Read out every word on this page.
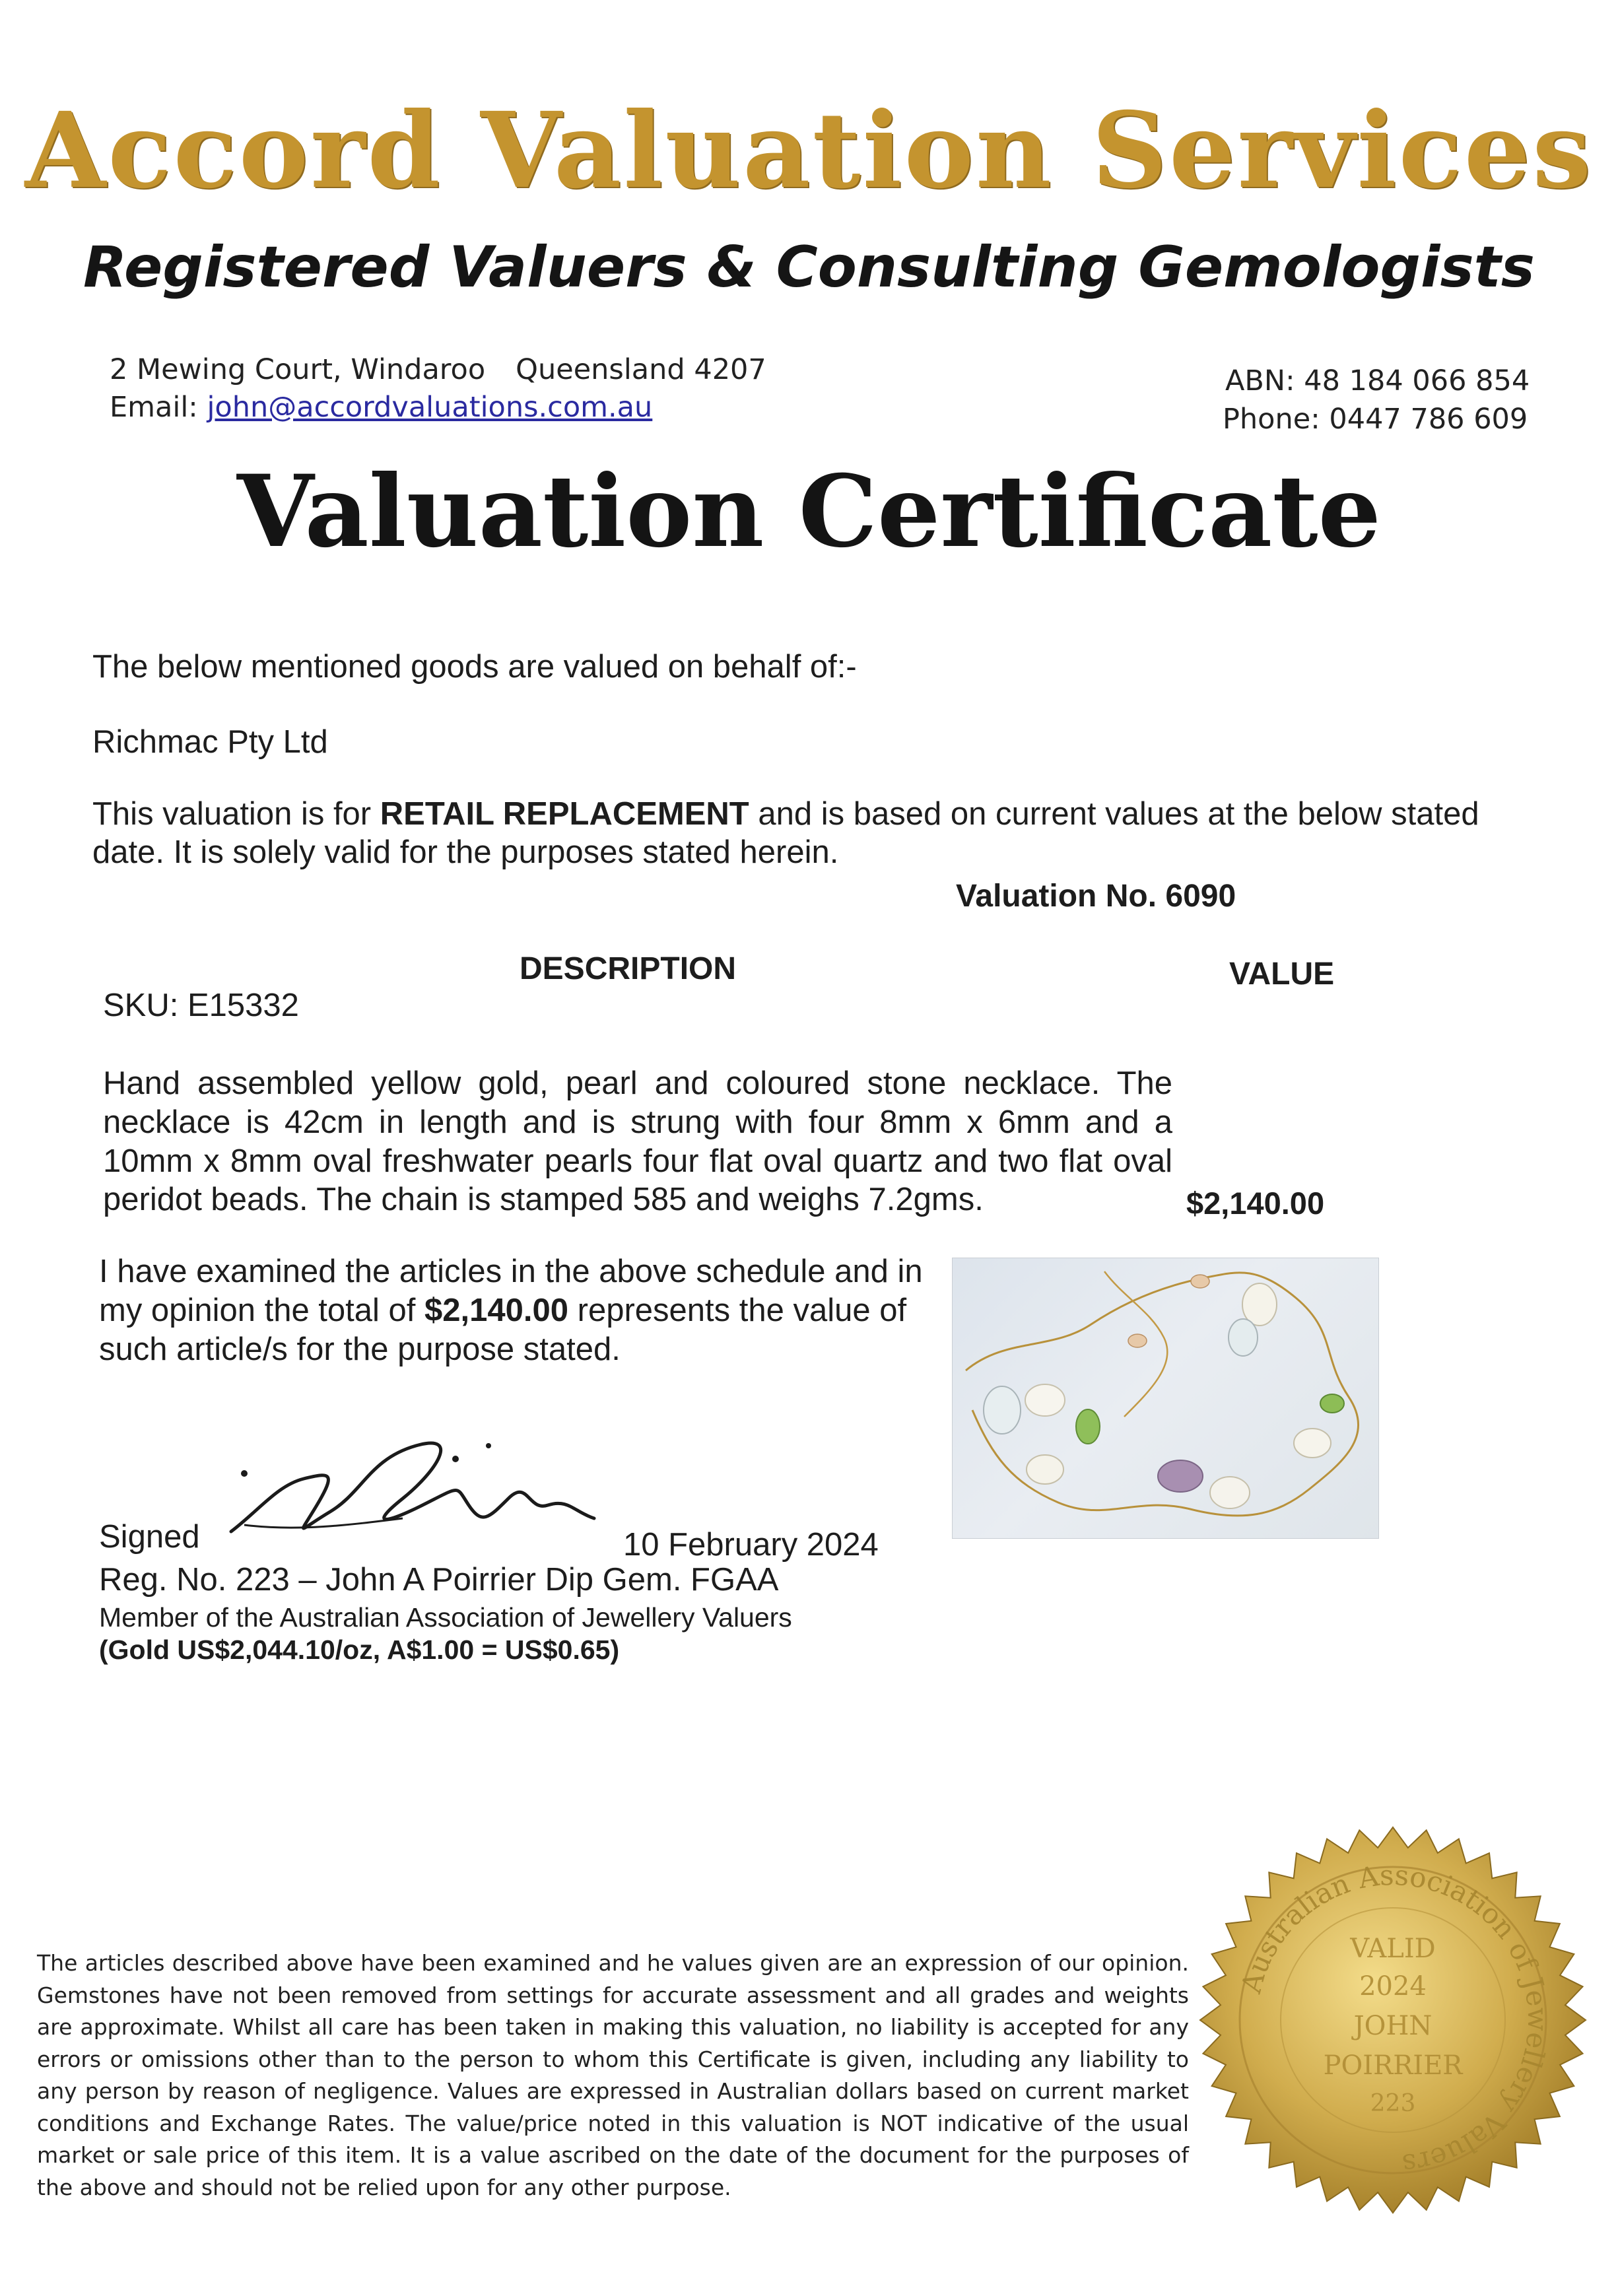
Accord Valuation Services
Registered Valuers & Consulting Gemologists
2 Mewing Court, Windaroo Queensland 4207
Email: john@accordvaluations.com.au
ABN: 48 184 066 854
Phone: 0447 786 609
Valuation Certificate
The below mentioned goods are valued on behalf of:-
Richmac Pty Ltd
This valuation is for RETAIL REPLACEMENT and is based on current values at the below stated date. It is solely valid for the purposes stated herein.
Valuation No. 6090
DESCRIPTION	VALUE
SKU: E15332
Hand assembled yellow gold, pearl and coloured stone necklace. The necklace is 42cm in length and is strung with four 8mm x 6mm and a 10mm x 8mm oval freshwater pearls four flat oval quartz and two flat oval peridot beads. The chain is stamped 585 and weighs 7.2gms.	$2,140.00
I have examined the articles in the above schedule and in my opinion the total of $2,140.00 represents the value of such article/s for the purpose stated.
Signed	10 February 2024
Reg. No. 223 – John A Poirrier Dip Gem. FGAA
Member of the Australian Association of Jewellery Valuers
(Gold US$2,044.10/oz, A$1.00 = US$0.65)
The articles described above have been examined and he values given are an expression of our opinion. Gemstones have not been removed from settings for accurate assessment and all grades and weights are approximate. Whilst all care has been taken in making this valuation, no liability is accepted for any errors or omissions other than to the person to whom this Certificate is given, including any liability to any person by reason of negligence. Values are expressed in Australian dollars based on current market conditions and Exchange Rates. The value/price noted in this valuation is NOT indicative of the usual market or sale price of this item. It is a value ascribed on the date of the document for the purposes of the above and should not be relied upon for any other purpose.
Australian Association of Jewellery Valuers
VALID
2024
JOHN
POIRRIER
223
